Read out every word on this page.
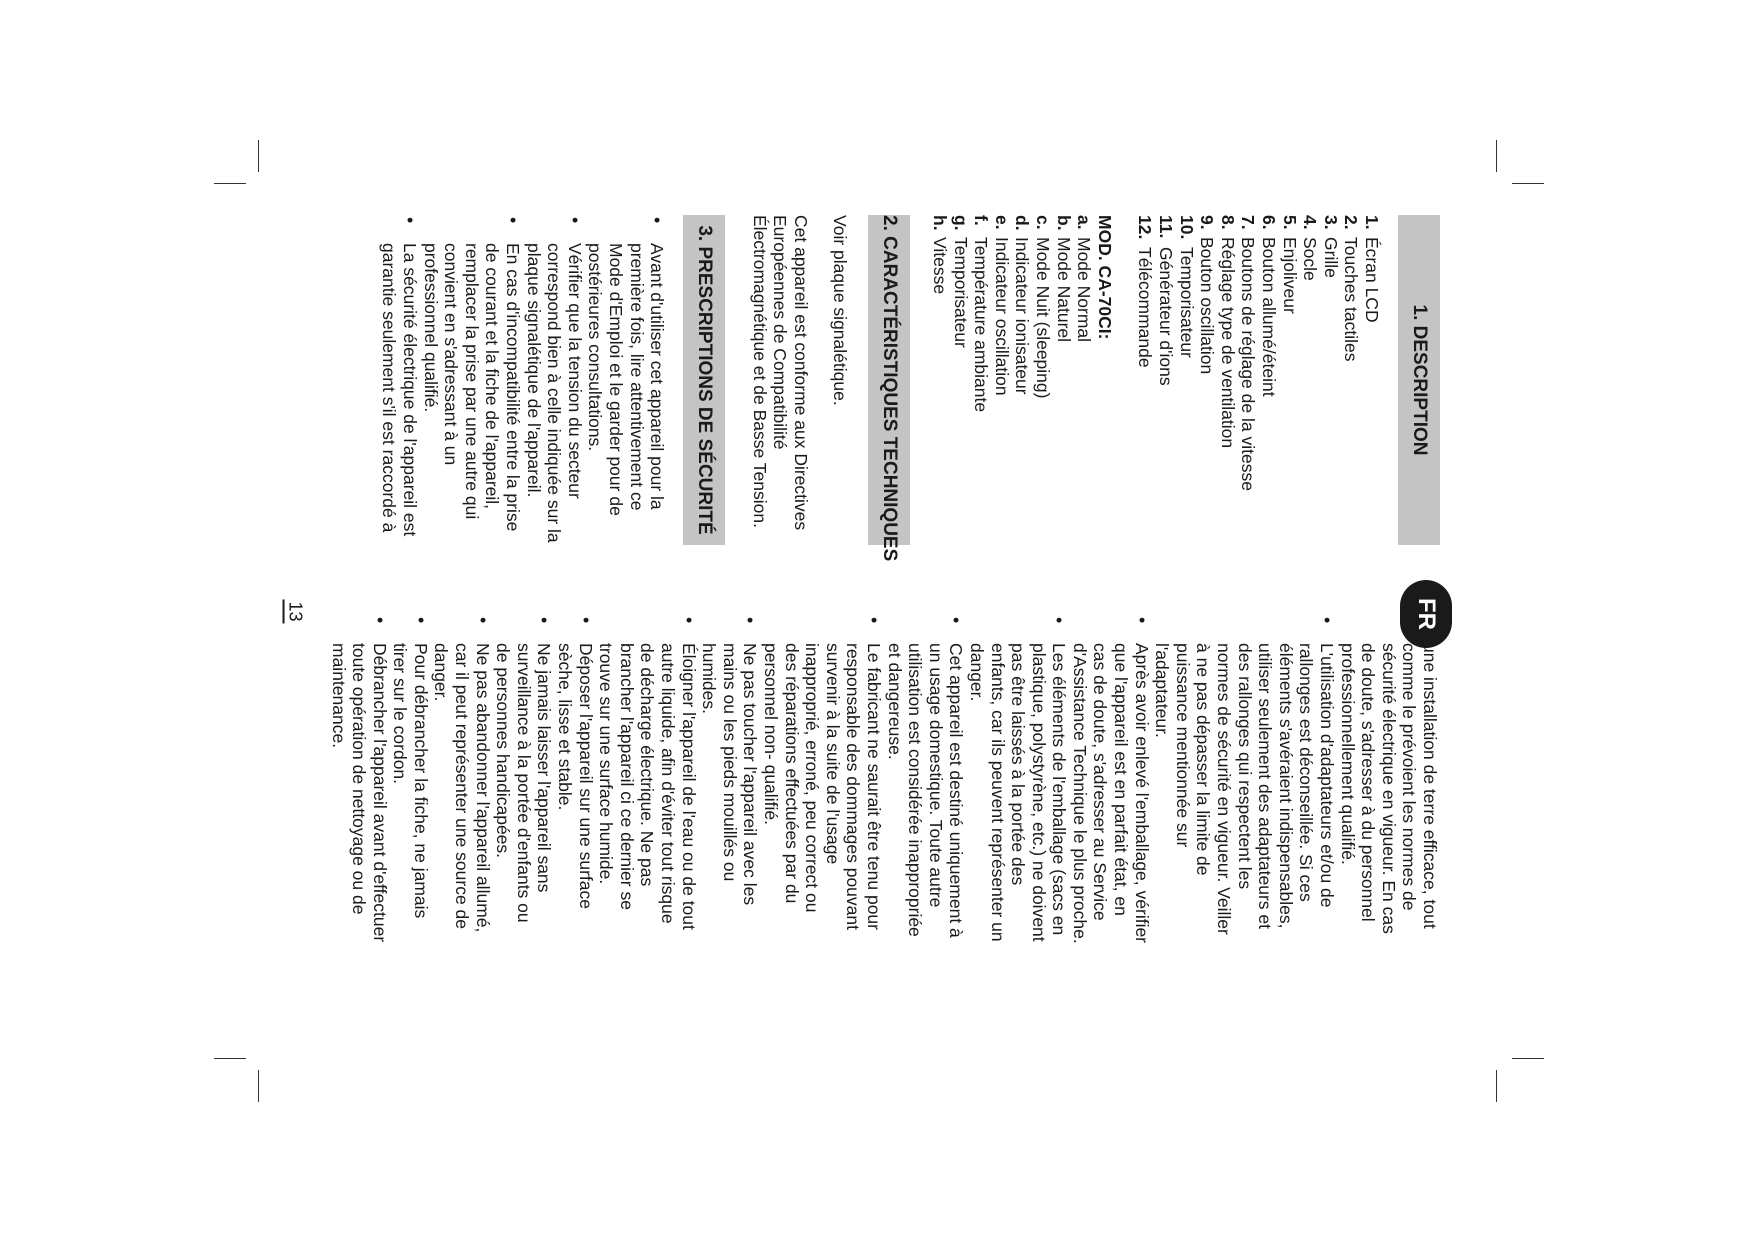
FR
13
1. DESCRIPTION
1.Écran LCD
2.Touches tactiles
3.Grille
4.Socle
5.Enjoliveur
6.Bouton allumé/éteint
7.Boutons de réglage de la vitesse
8.Réglage type de ventilation
9.Bouton oscillation
10.Temporisateur
11.Générateur d'ions
12.Télécommande
MOD. CA-70CI:
a.Mode Normal
b.Mode Naturel
c.Mode Nuit (sleeping)
d.Indicateur ionisateur
e.Indicateur oscillation
f.Température ambiante
g.Temporisateur
h.Vitesse
2. CARACTÉRISTIQUES TECHNIQUES
Voir plaque signalétique.
Cet appareil est conforme aux Directives Européennes de Compatibilité Électromagnétique et de Basse Tension.
3. PRESCRIPTIONS DE SÉCURITÉ
• Avant d'utiliser cet appareil pour la première fois, lire attentivement ce Mode d'Emploi et le garder pour de postérieures consultations.
• Vérifier que la tension du secteur correspond bien à celle indiquée sur la plaque signalétique de l'appareil.
• En cas d'incompatibilité entre la prise de courant et la fiche de l'appareil, remplacer la prise par une autre qui convient en s'adressant à un professionnel qualifié.
• La sécurité électrique de l'appareil est garantie seulement s'il est raccordé à
une installation de terre efficace, tout comme le prévoient les normes de sécurité électrique en vigueur. En cas de doute, s'adresser à du personnel professionnellement qualifié.
• L'utilisation d'adaptateurs et/ou de rallonges est déconseillée. Si ces éléments s'avéraient indispensables, utiliser seulement des adaptateurs et des rallonges qui respectent les normes de sécurité en vigueur. Veiller à ne pas dépasser la limite de puissance mentionnée sur l'adaptateur.
• Après avoir enlevé l'emballage, vérifier que l'appareil est en parfait état, en cas de doute, s'adresser au Service d'Assistance Technique le plus proche.
• Les éléments de l'emballage (sacs en plastique, polystyrène, etc.) ne doivent pas être laissés à la portée des enfants, car ils peuvent représenter un danger.
• Cet appareil est destiné uniquement à un usage domestique. Toute autre utilisation est considérée inappropriée et dangereuse.
• Le fabricant ne saurait être tenu pour responsable des dommages pouvant survenir à la suite de l'usage inapproprié, erroné, peu correct ou des réparations effectuées par du personnel non- qualifié.
• Ne pas toucher l'appareil avec les mains ou les pieds mouillés ou humides.
• Éloigner l'appareil de l'eau ou de tout autre liquide, afin d'éviter tout risque de décharge électrique. Ne pas brancher l'appareil ci ce dernier se trouve sur une surface humide.
• Déposer l'appareil sur une surface sèche, lisse et stable.
• Ne jamais laisser l'appareil sans surveillance à la portée d'enfants ou de personnes handicapées.
• Ne pas abandonner l'appareil allumé, car il peut représenter une source de danger.
• Pour débrancher la fiche, ne jamais tirer sur le cordon.
• Débrancher l'appareil avant d'effectuer toute opération de nettoyage ou de maintenance.
